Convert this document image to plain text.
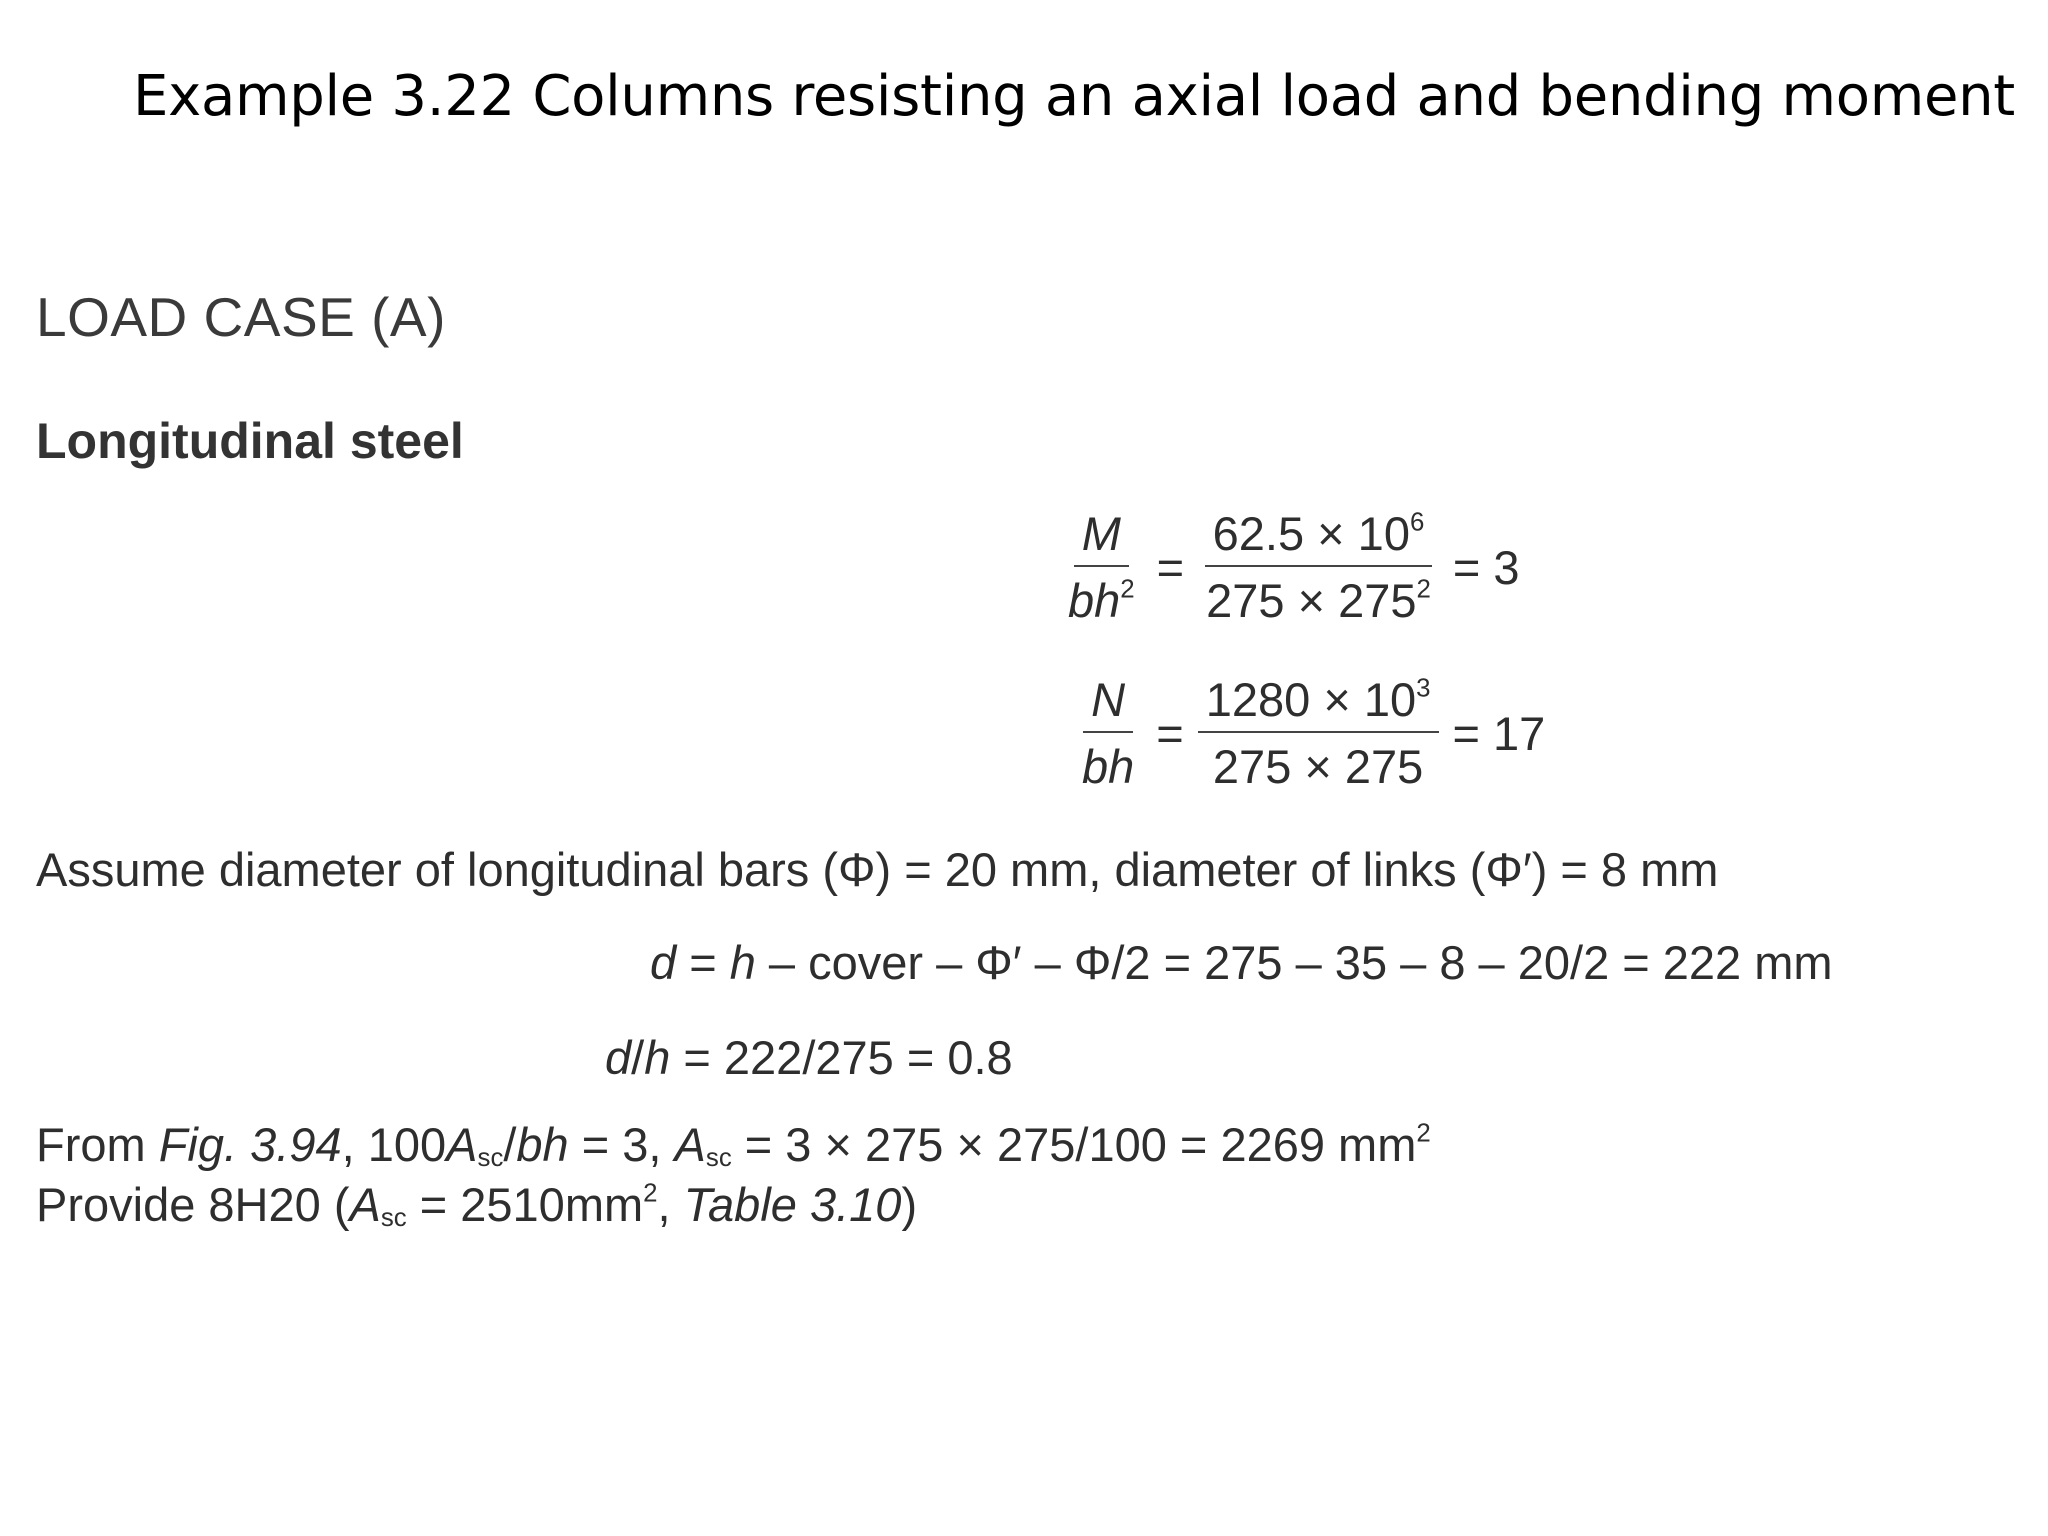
Example 3.22 Columns resisting an axial load and bending moment
LOAD CASE (A)
Longitudinal steel
$\frac{M}{bh^2} = \frac{62.5 \times 10^6}{275 \times 275^2} = 3$
$\frac{N}{bh} = \frac{1280 \times 10^3}{275 \times 275} = 17$
Assume diameter of longitudinal bars (Φ) = 20 mm, diameter of links (Φ′) = 8 mm
d = h – cover – Φ′ – Φ/2 = 275 – 35 – 8 – 20/2 = 222 mm
d/h = 222/275 = 0.8
From Fig. 3.94, $100A_{sc}/bh = 3$, $A_{sc} = 3 \times 275 \times 275/100 = 2269$ $mm^2$
Provide 8H20 ($A_{sc} = 2510mm^2$, Table 3.10)
